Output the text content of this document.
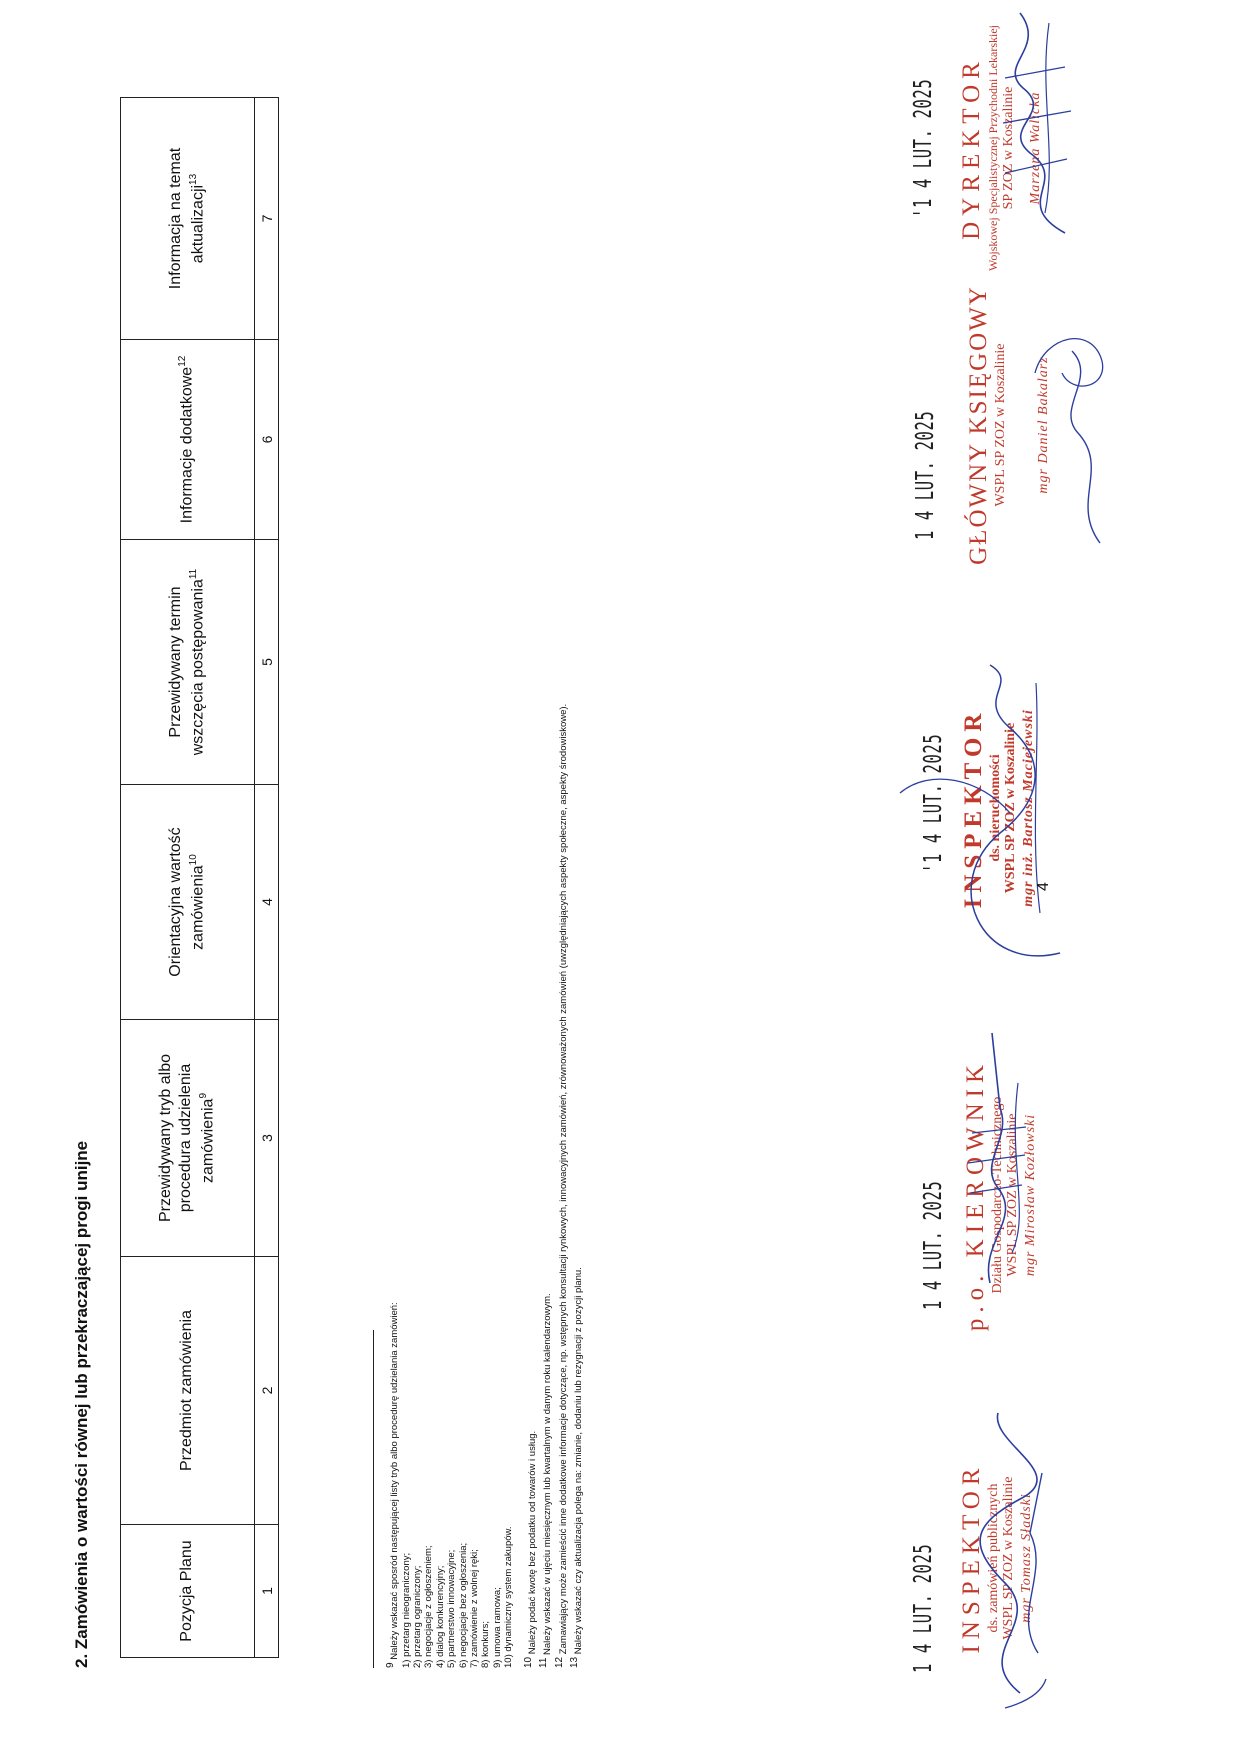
2. Zamówienia o wartości równej lub przekraczającej progi unijne	Pozycja Planu	Przedmiot zamówienia	Przewidywany tryb albo procedura udzielenia zamówienia$^9$	Orientacyjna wartość zamówienia$^{10}$	Przewidywany termin wszczęcia postępowania$^{11}$	Informacje dodatkowe$^{12}$	Informacja na temat aktualizacji$^{13}$
1	2	3	4	5	6	7
$^9$ Należy wskazać sposród następującej listy tryb albo procedurę udzielania zamówień: 1) przetarg nieograniczony; 2) przetarg ograniczony; 3) negocjacje z ogłoszeniem; 4) dialog konkurencyjny; 5) partnerstwo innowacyjne; 6) negocjacje bez ogłoszenia; 7) zamówienie z wolnej ręki; 8) konkurs; 9) umowa ramowa; 10) dynamiczny system zakupów. $^{10}$ Należy podać kwotę bez podatku od towarów i usług.
$^{11}$ Należy wskazać w ujęciu miesięcznym lub kwartalnym w danym roku kalendarzowym.
$^{12}$ Zamawiający może zamieścić inne dodatkowe informacje dotyczące, np. wstępnych konsultacji rynkowych, innowacyjnych zamówień, zrównoważonych zamówień (uwzględniających aspekty społeczne, aspekty środowiskowe).
$^{13}$ Należy wskazać czy aktualizacja polega na: zmianie, dodaniu lub rezygnacji z pozycji planu.	1 4 LUT. 2025
1 4 LUT. 2025
'1 4 LUT. 2025
1 4 LUT. 2025
'1 4 LUT. 2025
INSPEKTOR ds. zamówień publicznych WSPL SP ZOZ w Koszalinie mgr Tomasz Sładski
p.o. KIEROWNIK Działu Gospodarczo-Technicznego WSPL SP ZOZ w Koszalinie mgr Mirosław Kozłowski
INSPEKTOR ds. nieruchomości WSPL SP ZOZ w Koszalinie mgr inż. Bartosz Maciejewski
GŁÓWNY KSIĘGOWY WSPL SP ZOZ w Koszalinie mgr Daniel Bakalarz
DYREKTOR Wojskowej Specjalistycznej Przychodni Lekarskiej SP ZOZ w Koszalinie Marzena Walicka
4
